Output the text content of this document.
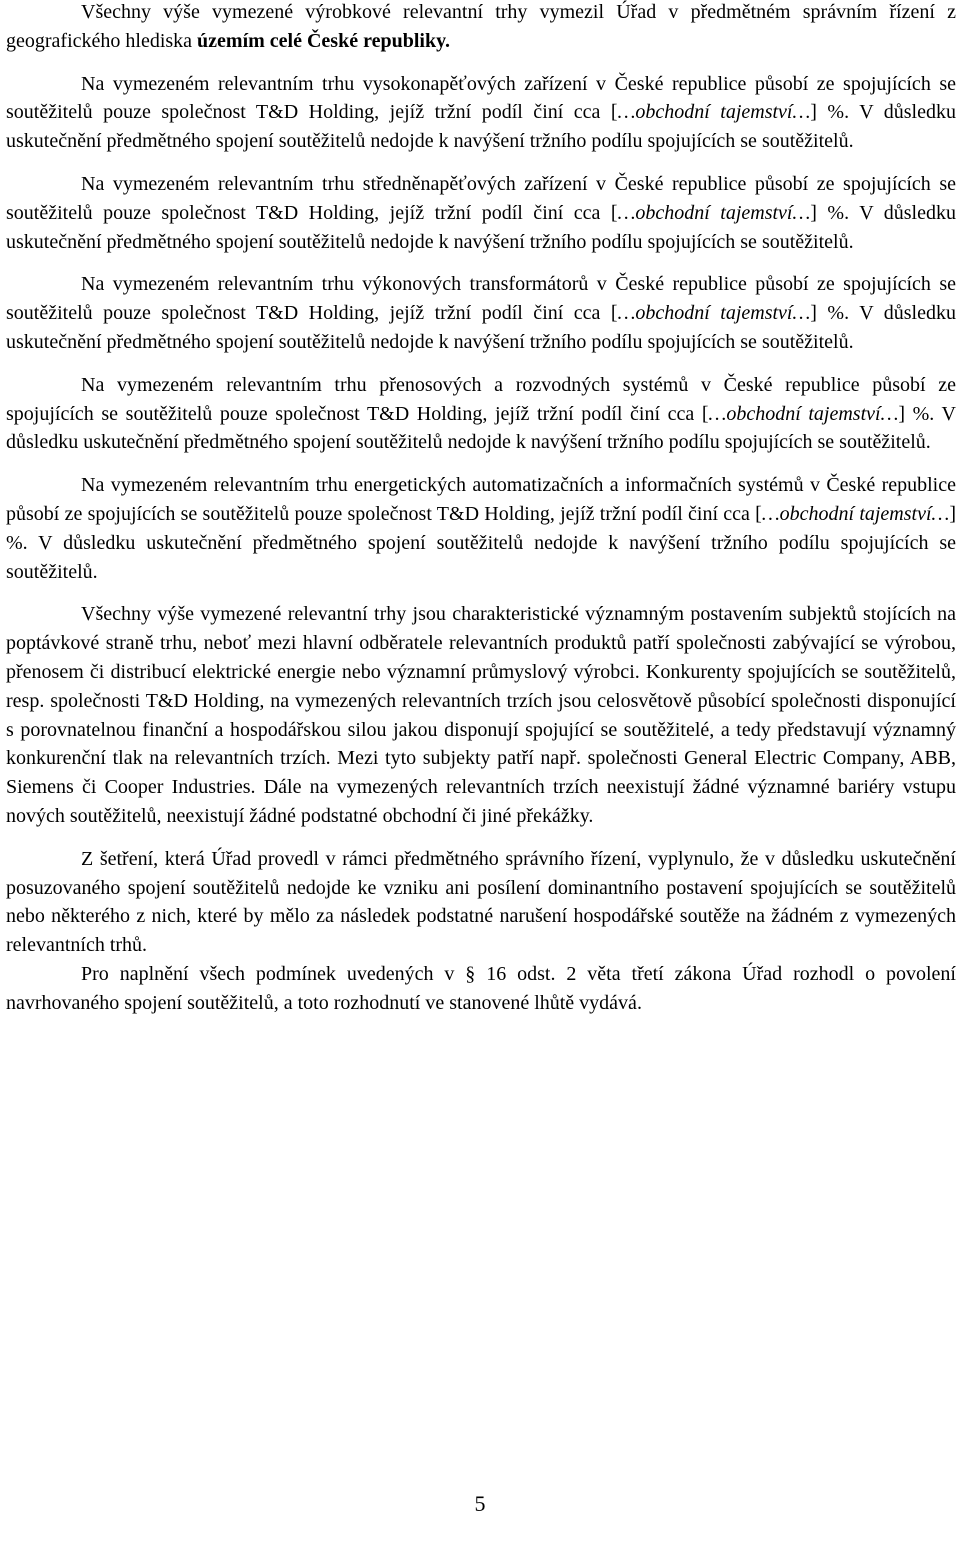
Všechny výše vymezené výrobkové relevantní trhy vymezil Úřad v předmětném správním řízení z geografického hlediska územím celé České republiky.

Na vymezeném relevantním trhu vysokonapěťových zařízení v České republice působí ze spojujících se soutěžitelů pouze společnost T&D Holding, jejíž tržní podíl činí cca […obchodní tajemství…] %. V důsledku uskutečnění předmětného spojení soutěžitelů nedojde k navýšení tržního podílu spojujících se soutěžitelů.

Na vymezeném relevantním trhu středněnapěťových zařízení v České republice působí ze spojujících se soutěžitelů pouze společnost T&D Holding, jejíž tržní podíl činí cca […obchodní tajemství…] %. V důsledku uskutečnění předmětného spojení soutěžitelů nedojde k navýšení tržního podílu spojujících se soutěžitelů.

Na vymezeném relevantním trhu výkonových transformátorů v České republice působí ze spojujících se soutěžitelů pouze společnost T&D Holding, jejíž tržní podíl činí cca […obchodní tajemství…] %. V důsledku uskutečnění předmětného spojení soutěžitelů nedojde k navýšení tržního podílu spojujících se soutěžitelů.

Na vymezeném relevantním trhu přenosových a rozvodných systémů v České republice působí ze spojujících se soutěžitelů pouze společnost T&D Holding, jejíž tržní podíl činí cca […obchodní tajemství…] %. V důsledku uskutečnění předmětného spojení soutěžitelů nedojde k navýšení tržního podílu spojujících se soutěžitelů.

Na vymezeném relevantním trhu energetických automatizačních a informačních systémů v České republice působí ze spojujících se soutěžitelů pouze společnost T&D Holding, jejíž tržní podíl činí cca […obchodní tajemství…] %. V důsledku uskutečnění předmětného spojení soutěžitelů nedojde k navýšení tržního podílu spojujících se soutěžitelů.

Všechny výše vymezené relevantní trhy jsou charakteristické významným postavením subjektů stojících na poptávkové straně trhu, neboť mezi hlavní odběratele relevantních produktů patří společnosti zabývající se výrobou, přenosem či distribucí elektrické energie nebo významní průmyslový výrobci. Konkurenty spojujících se soutěžitelů, resp. společnosti T&D Holding, na vymezených relevantních trzích jsou celosvětově působící společnosti disponující s porovnatelnou finanční a hospodářskou silou jakou disponují spojující se soutěžitelé, a tedy představují významný konkurenční tlak na relevantních trzích. Mezi tyto subjekty patří např. společnosti General Electric Company, ABB, Siemens či Cooper Industries. Dále na vymezených relevantních trzích neexistují žádné významné bariéry vstupu nových soutěžitelů, neexistují žádné podstatné obchodní či jiné překážky.

Z šetření, která Úřad provedl v rámci předmětného správního řízení, vyplynulo, že v důsledku uskutečnění posuzovaného spojení soutěžitelů nedojde ke vzniku ani posílení dominantního postavení spojujících se soutěžitelů nebo některého z nich, které by mělo za následek podstatné narušení hospodářské soutěže na žádném z vymezených relevantních trhů.

Pro naplnění všech podmínek uvedených v § 16 odst. 2 věta třetí zákona Úřad rozhodl o povolení navrhovaného spojení soutěžitelů, a toto rozhodnutí ve stanovené lhůtě vydává.

5
